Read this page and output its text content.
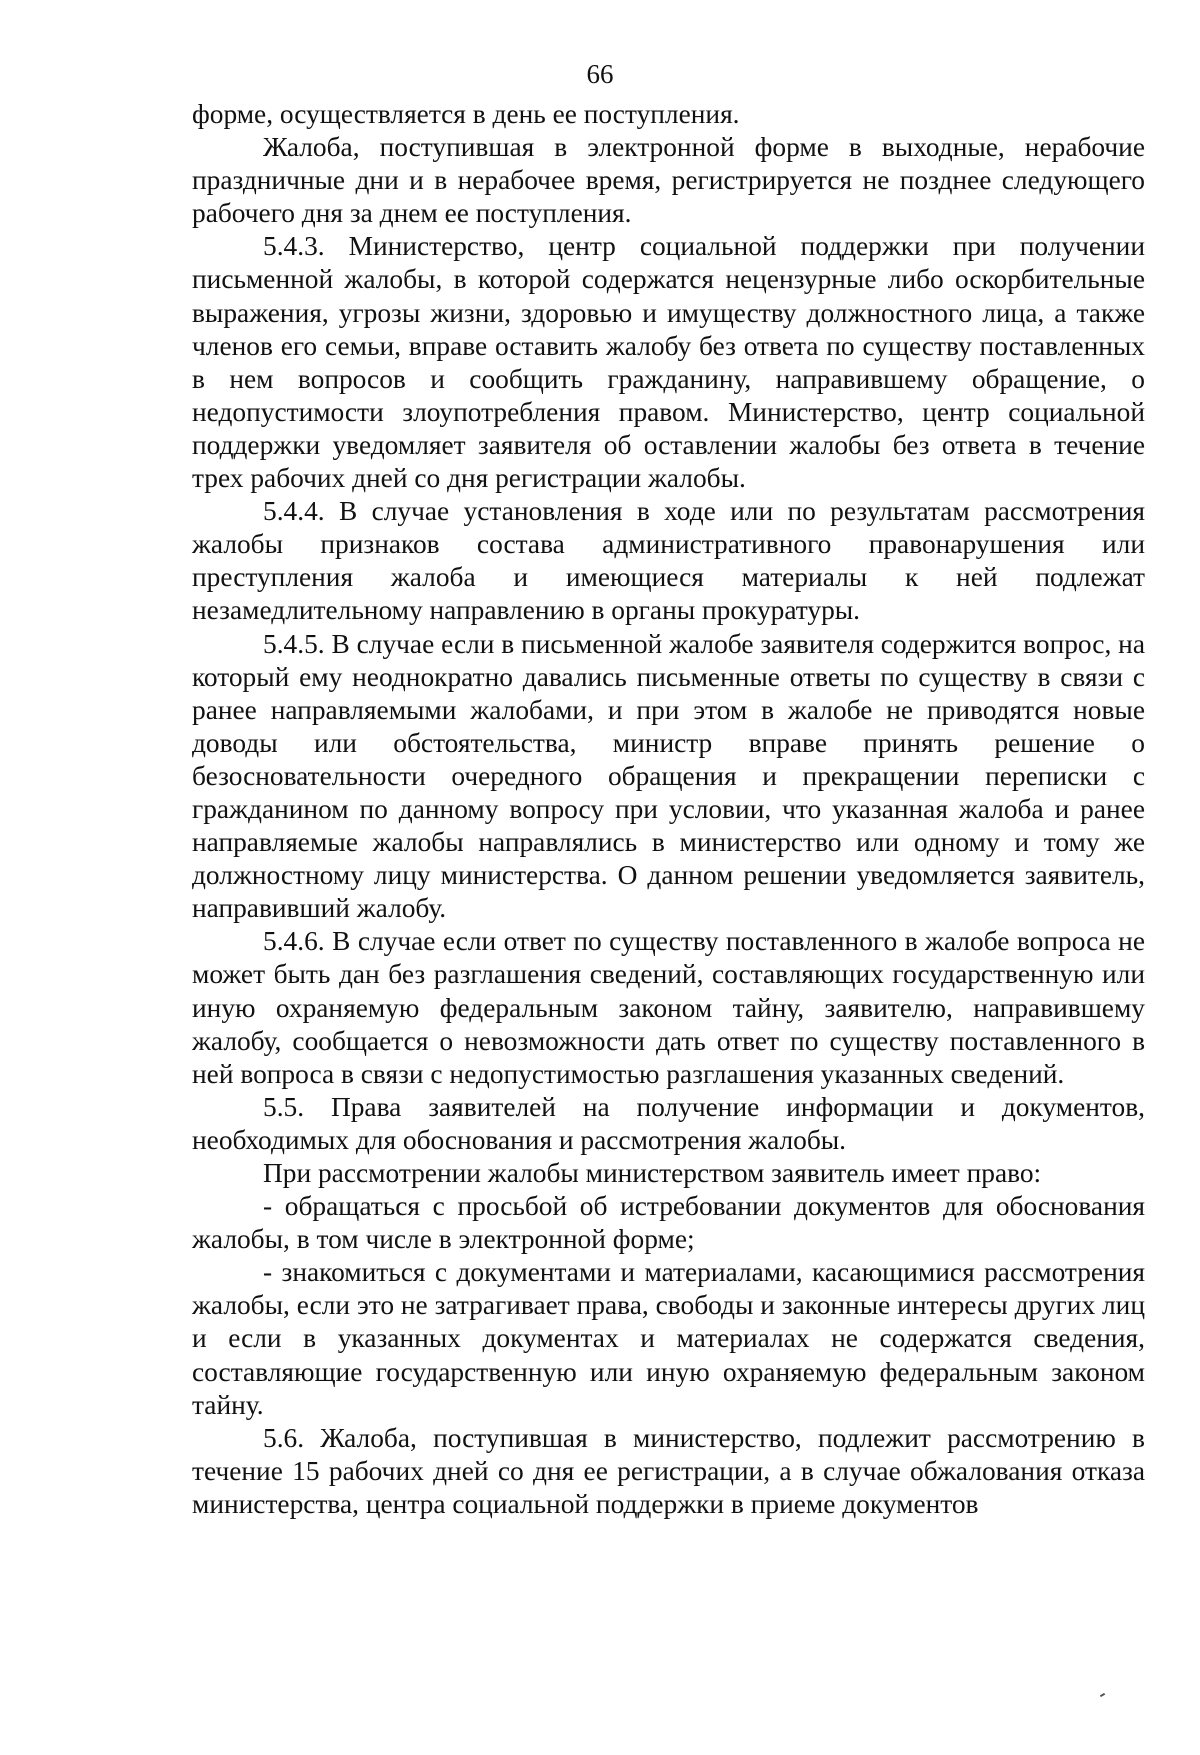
66

форме, осуществляется в день ее поступления.

Жалоба, поступившая в электронной форме в выходные, нерабочие праздничные дни и в нерабочее время, регистрируется не позднее следующего рабочего дня за днем ее поступления.

5.4.3. Министерство, центр социальной поддержки при получении письменной жалобы, в которой содержатся нецензурные либо оскорбительные выражения, угрозы жизни, здоровью и имуществу должностного лица, а также членов его семьи, вправе оставить жалобу без ответа по существу поставленных в нем вопросов и сообщить гражданину, направившему обращение, о недопустимости злоупотребления правом. Министерство, центр социальной поддержки уведомляет заявителя об оставлении жалобы без ответа в течение трех рабочих дней со дня регистрации жалобы.

5.4.4. В случае установления в ходе или по результатам рассмотрения жалобы признаков состава административного правонарушения или преступления жалоба и имеющиеся материалы к ней подлежат незамедлительному направлению в органы прокуратуры.

5.4.5. В случае если в письменной жалобе заявителя содержится вопрос, на который ему неоднократно давались письменные ответы по существу в связи с ранее направляемыми жалобами, и при этом в жалобе не приводятся новые доводы или обстоятельства, министр вправе принять решение о безосновательности очередного обращения и прекращении переписки с гражданином по данному вопросу при условии, что указанная жалоба и ранее направляемые жалобы направлялись в министерство или одному и тому же должностному лицу министерства. О данном решении уведомляется заявитель, направивший жалобу.

5.4.6. В случае если ответ по существу поставленного в жалобе вопроса не может быть дан без разглашения сведений, составляющих государственную или иную охраняемую федеральным законом тайну, заявителю, направившему жалобу, сообщается о невозможности дать ответ по существу поставленного в ней вопроса в связи с недопустимостью разглашения указанных сведений.

5.5. Права заявителей на получение информации и документов, необходимых для обоснования и рассмотрения жалобы.

При рассмотрении жалобы министерством заявитель имеет право:

- обращаться с просьбой об истребовании документов для обоснования жалобы, в том числе в электронной форме;

- знакомиться с документами и материалами, касающимися рассмотрения жалобы, если это не затрагивает права, свободы и законные интересы других лиц и если в указанных документах и материалах не содержатся сведения, составляющие государственную или иную охраняемую федеральным законом тайну.

5.6. Жалоба, поступившая в министерство, подлежит рассмотрению в течение 15 рабочих дней со дня ее регистрации, а в случае обжалования отказа министерства, центра социальной поддержки в приеме документов
